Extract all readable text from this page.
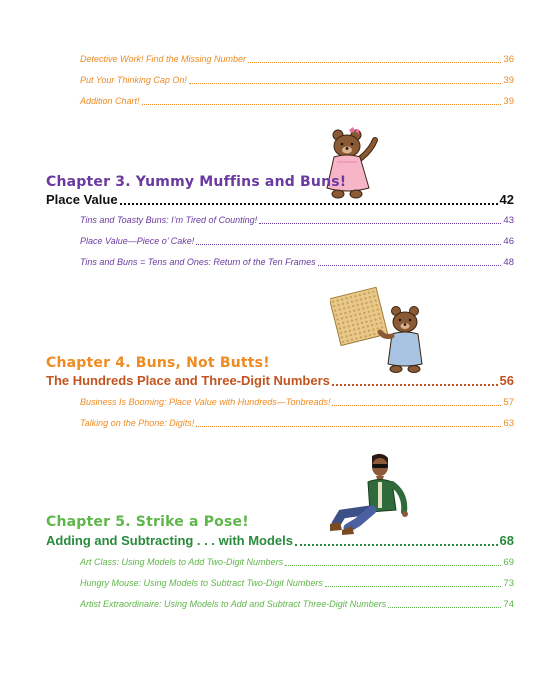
Detective Work! Find the Missing Number	36
Put Your Thinking Cap On!	39
Addition Chart!	39
Chapter 3. Yummy Muffins and Buns!
Place Value	42
Tins and Toasty Buns: I’m Tired of Counting!	43
Place Value—Piece o’ Cake!	46
Tins and Buns = Tens and Ones: Return of the Ten Frames	48
Chapter 4. Buns, Not Butts!
The Hundreds Place and Three-Digit Numbers	56
Business Is Booming: Place Value with Hundreds—Tonbreads!	57
Talking on the Phone: Digits!	63
Chapter 5. Strike a Pose!
Adding and Subtracting . . . with Models	68
Art Class: Using Models to Add Two-Digit Numbers	69
Hungry Mouse: Using Models to Subtract Two-Digit Numbers	73
Artist Extraordinaire: Using Models to Add and Subtract Three-Digit Numbers	74
